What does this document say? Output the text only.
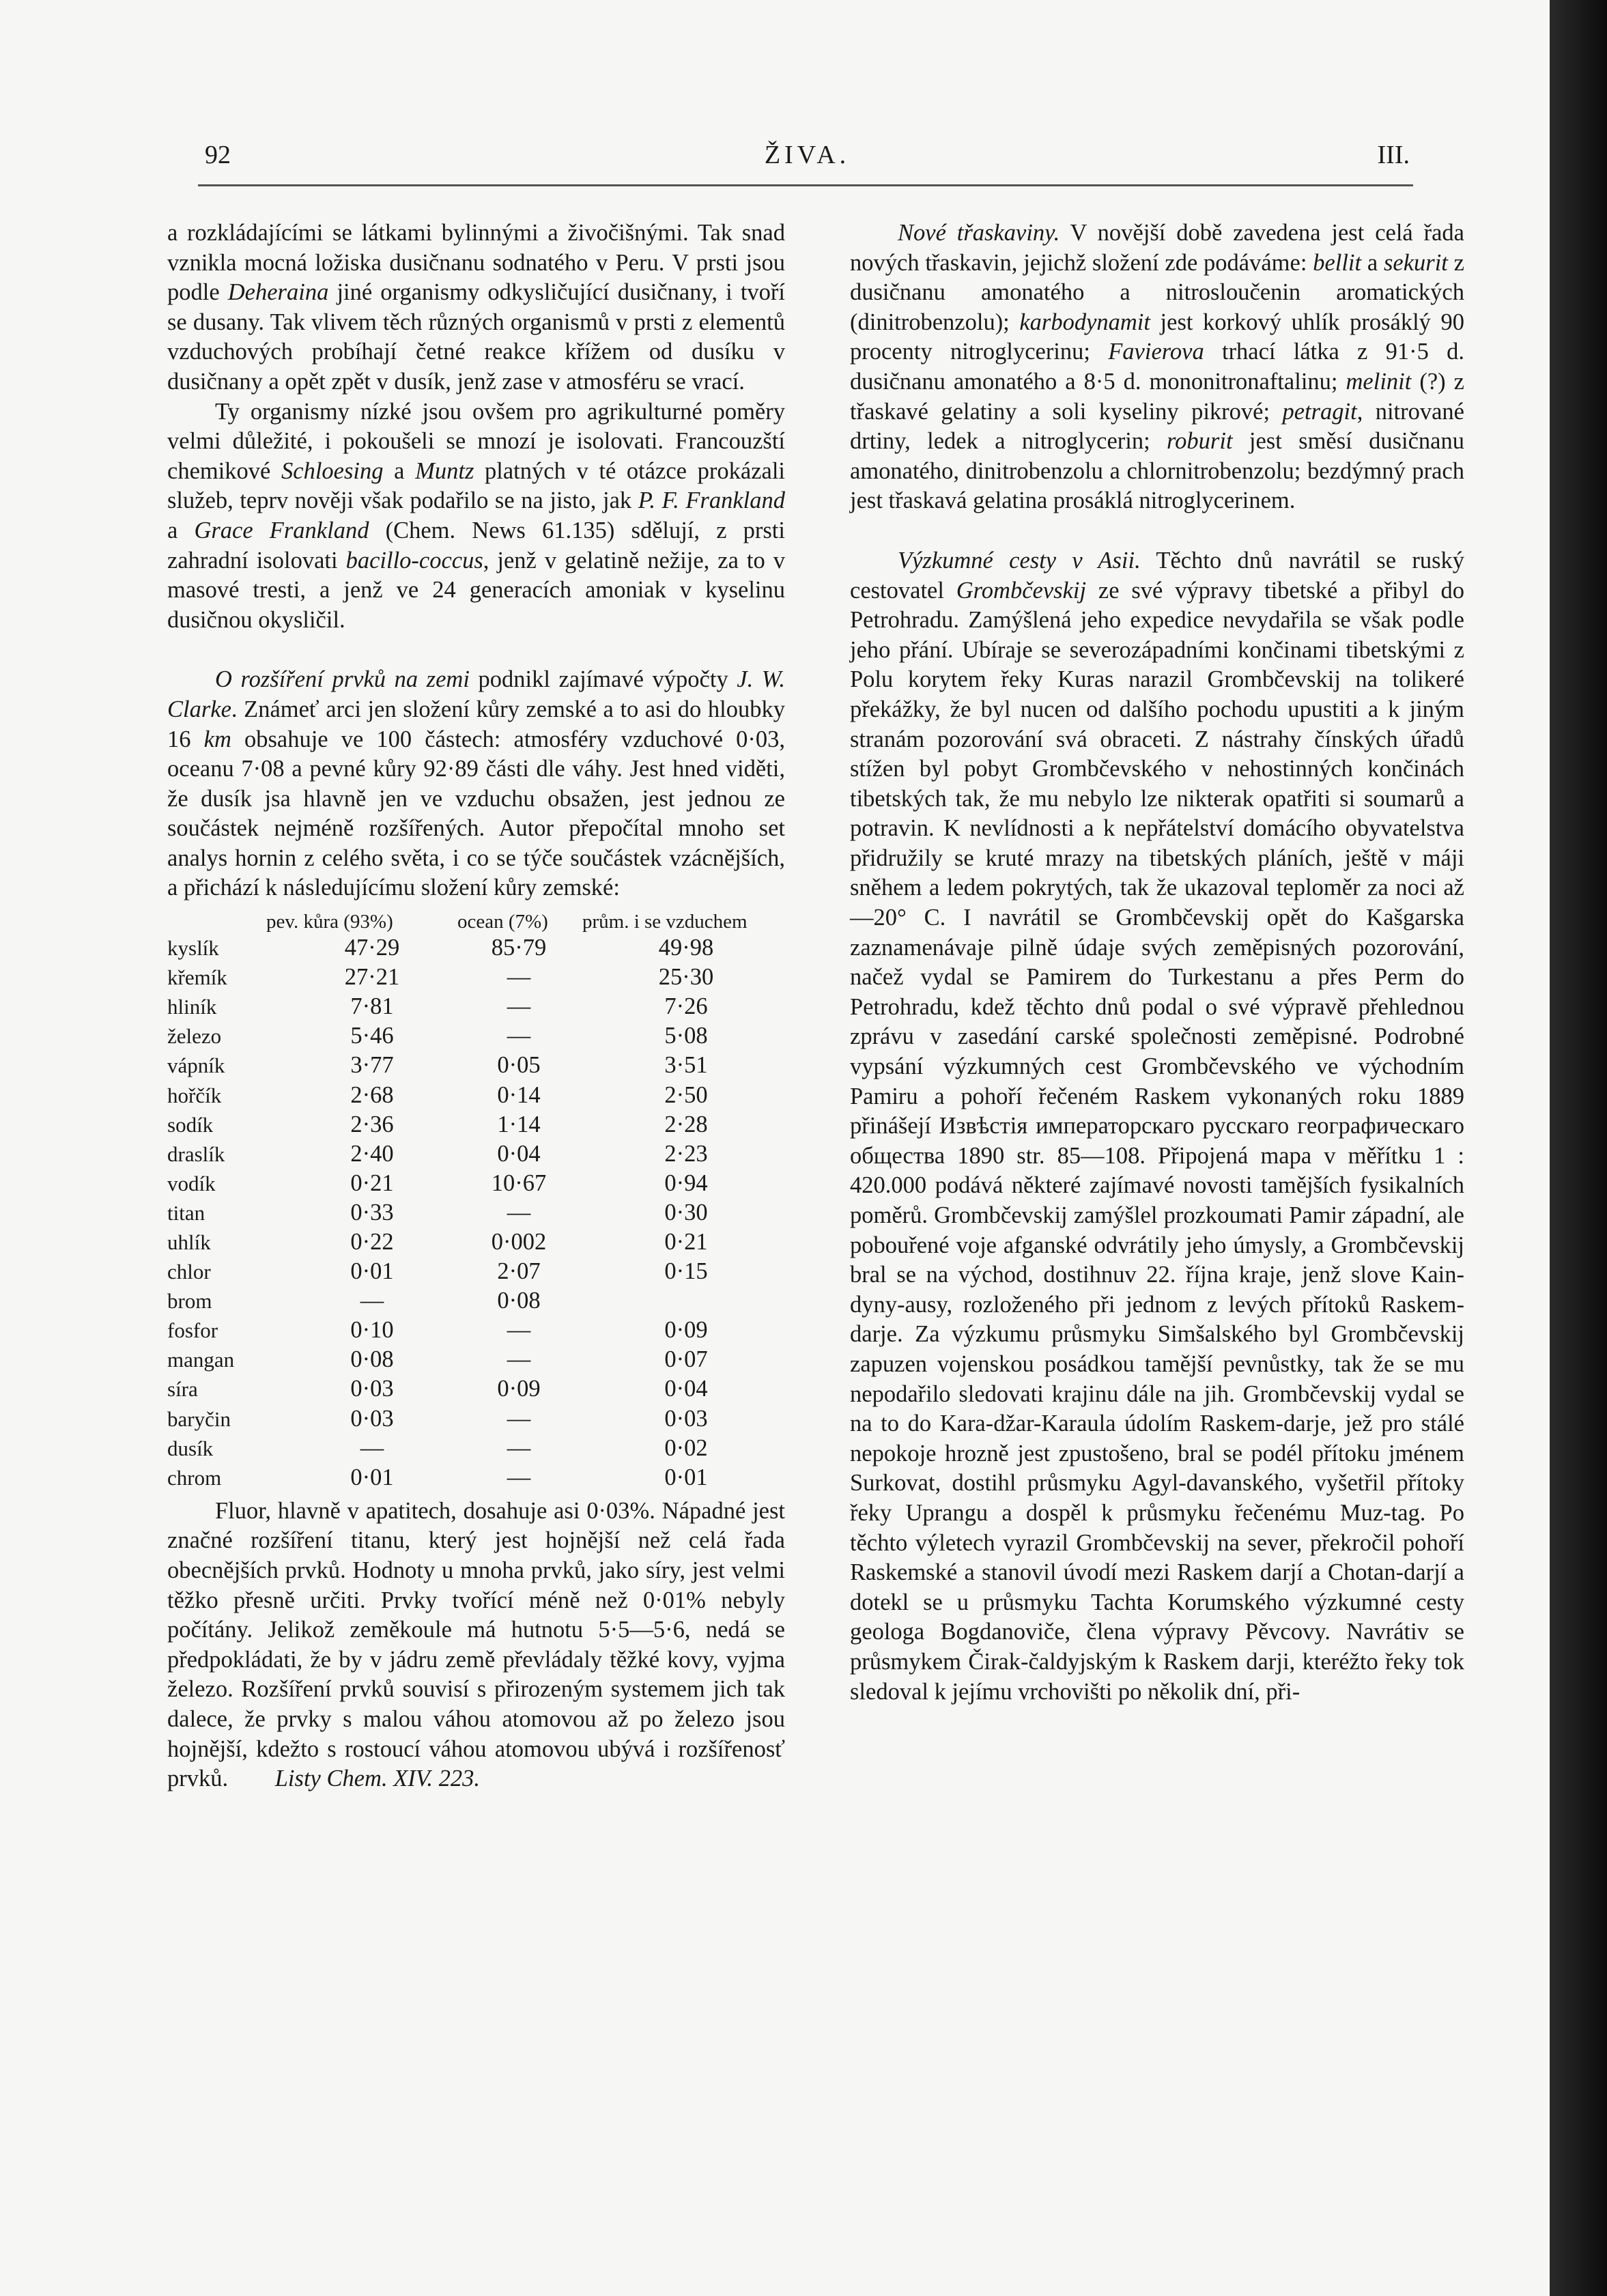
92	ŽIVA.	III.

a rozkládajícími se látkami bylinnými a živočišnými. Tak snad vznikla mocná ložiska dusičnanu sodnatého v Peru. V prsti jsou podle Deheraina jiné organismy odkysličující dusičnany, i tvoří se dusany. Tak vlivem těch různých organismů v prsti z elementů vzduchových probíhají četné reakce křížem od dusíku v dusičnany a opět zpět v dusík, jenž zase v atmosféru se vrací.

Ty organismy nízké jsou ovšem pro agrikulturné poměry velmi důležité, i pokoušeli se mnozí je isolovati. Francouzští chemikové Schloesing a Muntz platných v té otázce prokázali služeb, teprv nověji však podařilo se na jisto, jak P. F. Frankland a Grace Frankland (Chem. News 61.135) sdělují, z prsti zahradní isolovati bacillo-coccus, jenž v gelatině nežije, za to v masové tresti, a jenž ve 24 generacích amoniak v kyselinu dusičnou okysličil.

O rozšíření prvků na zemi podnikl zajímavé výpočty J. W. Clarke. Známeť arci jen složení kůry zemské a to asi do hloubky 16 km obsahuje ve 100 částech: atmosféry vzduchové 0·03, oceanu 7·08 a pevné kůry 92·89 části dle váhy. Jest hned viděti, že dusík jsa hlavně jen ve vzduchu obsažen, jest jednou ze součástek nejméně rozšířených. Autor přepočítal mnoho set analys hornin z celého světa, i co se týče součástek vzácnějších, a přichází k následujícímu složení kůry zemské:

pev. kůra (93%)	ocean (7%) prům. i se vzduchem
kyslík	47·29	85·79	49·98
křemík	27·21	—	25·30
hliník	7·81	—	7·26
železo	5·46	—	5·08
vápník	3·77	0·05	3·51
hořčík	2·68	0·14	2·50
sodík	2·36	1·14	2·28
draslík	2·40	0·04	2·23
vodík	0·21	10·67	0·94
titan	0·33	—	0·30
uhlík	0·22	0·002	0·21
chlor	0·01	2·07	0·15
brom	—	0·08	
fosfor	0·10	—	0·09
mangan	0·08	—	0·07
síra	0·03	0·09	0·04
baryčin	0·03	—	0·03
dusík	—	—	0·02
chrom	0·01	—	0·01

Fluor, hlavně v apatitech, dosahuje asi 0·03%. Nápadné jest značné rozšíření titanu, který jest hojnější než celá řada obecnějších prvků. Hodnoty u mnoha prvků, jako síry, jest velmi těžko přesně určiti. Prvky tvořící méně než 0·01% nebyly počítány. Jelikož zeměkoule má hutnotu 5·5—5·6, nedá se předpokládati, že by v jádru země převládaly těžké kovy, vyjma železo. Rozšíření prvků souvisí s přirozeným systemem jich tak dalece, že prvky s malou váhou atomovou až po železo jsou hojnější, kdežto s rostoucí váhou atomovou ubývá i rozšířenosť prvků. Listy Chem. XIV. 223.

Nové třaskaviny. V novější době zavedena jest celá řada nových třaskavin, jejichž složení zde podáváme: bellit a sekurit z dusičnanu amonatého a nitrosloučenin aromatických (dinitrobenzolu); karbodynamit jest korkový uhlík prosáklý 90 procenty nitroglycerinu; Favierova trhací látka z 91·5 d. dusičnanu amonatého a 8·5 d. mononitronaftalinu; melinit (?) z třaskavé gelatiny a soli kyseliny pikrové; petragit, nitrované drtiny, ledek a nitroglycerin; roburit jest směsí dusičnanu amonatého, dinitrobenzolu a chlornitrobenzolu; bezdýmný prach jest třaskavá gelatina prosáklá nitroglycerinem.

Výzkumné cesty v Asii. Těchto dnů navrátil se ruský cestovatel Grombčevskij ze své výpravy tibetské a přibyl do Petrohradu. Zamýšlená jeho expedice nevydařila se však podle jeho přání. Ubíraje se severozápadními končinami tibetskými z Polu korytem řeky Kuras narazil Grombčevskij na tolikeré překážky, že byl nucen od dalšího pochodu upustiti a k jiným stranám pozorování svá obraceti. Z nástrahy čínských úřadů stížen byl pobyt Grombčevského v nehostinných končinách tibetských tak, že mu nebylo lze nikterak opatřiti si soumarů a potravin. K nevlídnosti a k nepřátelství domácího obyvatelstva přidružily se kruté mrazy na tibetských pláních, ještě v máji sněhem a ledem pokrytých, tak že ukazoval teploměr za noci až —20° C. I navrátil se Grombčevskij opět do Kašgarska zaznamenávaje pilně údaje svých zeměpisných pozorování, načež vydal se Pamirem do Turkestanu a přes Perm do Petrohradu, kdež těchto dnů podal o své výpravě přehlednou zprávu v zasedání carské společnosti zeměpisné. Podrobné vypsání výzkumných cest Grombčevského ve východním Pamiru a pohoří řečeném Raskem vykonaných roku 1889 přinášejí Извѣстія императорскаго русскаго географическаго общества 1890 str. 85—108. Připojená mapa v měřítku 1 : 420.000 podává některé zajímavé novosti tamějších fysikalních poměrů. Grombčevskij zamýšlel prozkoumati Pamir západní, ale pobouřené voje afganské odvrátily jeho úmysly, a Grombčevskij bral se na východ, dostihnuv 22. října kraje, jenž slove Kain-dyny-ausy, rozloženého při jednom z levých přítoků Raskem-darje. Za výzkumu průsmyku Simšalského byl Grombčevskij zapuzen vojenskou posádkou tamější pevnůstky, tak že se mu nepodařilo sledovati krajinu dále na jih. Grombčevskij vydal se na to do Kara-džar-Karaula údolím Raskem-darje, jež pro stálé nepokoje hrozně jest zpustošeno, bral se podél přítoku jménem Surkovat, dostihl průsmyku Agyl-davanského, vyšetřil přítoky řeky Uprangu a dospěl k průsmyku řečenému Muz-tag. Po těchto výletech vyrazil Grombčevskij na sever, překročil pohoří Raskemské a stanovil úvodí mezi Raskem darjí a Chotan-darjí a dotekl se u průsmyku Tachta Korumského výzkumné cesty geologa Bogdanoviče, člena výpravy Pěvcovy. Navrátiv se průsmykem Čirak-čaldyjským k Raskem darji, kteréžto řeky tok sledoval k jejímu vrchovišti po několik dní, při-
